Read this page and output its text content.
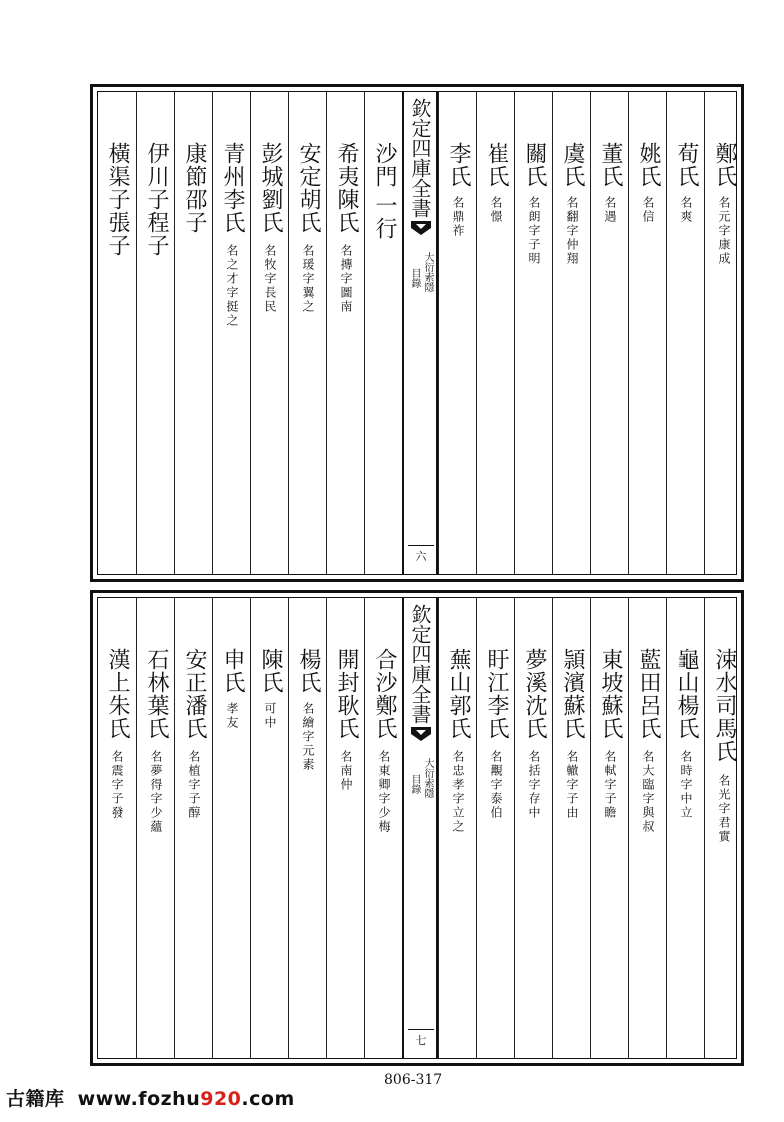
鄭氏
名元字康成
荀氏
名爽
姚氏
名信
董氏
名遇
虞氏
名翻字仲翔
關氏
名朗字子明
崔氏
名憬
李氏
名鼎祚
欽定四庫全書
大衍索隱
目錄
六
沙門
一行
希夷陳氏
名摶字圖南
安定胡氏
名瑗字翼之
彭城劉氏
名牧字長民
青州李氏
名之才字挺之
康節邵子
伊川子程子
橫渠子張子
涑水司馬氏
名光字君實
龜山楊氏
名時字中立
藍田呂氏
名大臨字與叔
東坡蘇氏
名軾字子瞻
頴濱蘇氏
名轍字子由
夢溪沈氏
名括字存中
盱江李氏
名覯字泰伯
蕪山郭氏
名忠孝字立之
欽定四庫全書
大衍索隱
目錄
七
合沙鄭氏
名東卿字少梅
開封耿氏
名南仲
楊氏
名繪字元素
陳氏
可中
申氏
孝友
安正潘氏
名植字子醇
石林葉氏
名夢得字少蘊
漢上朱氏
名震字子發
806-317
古籍库 www.fozhu920.com
